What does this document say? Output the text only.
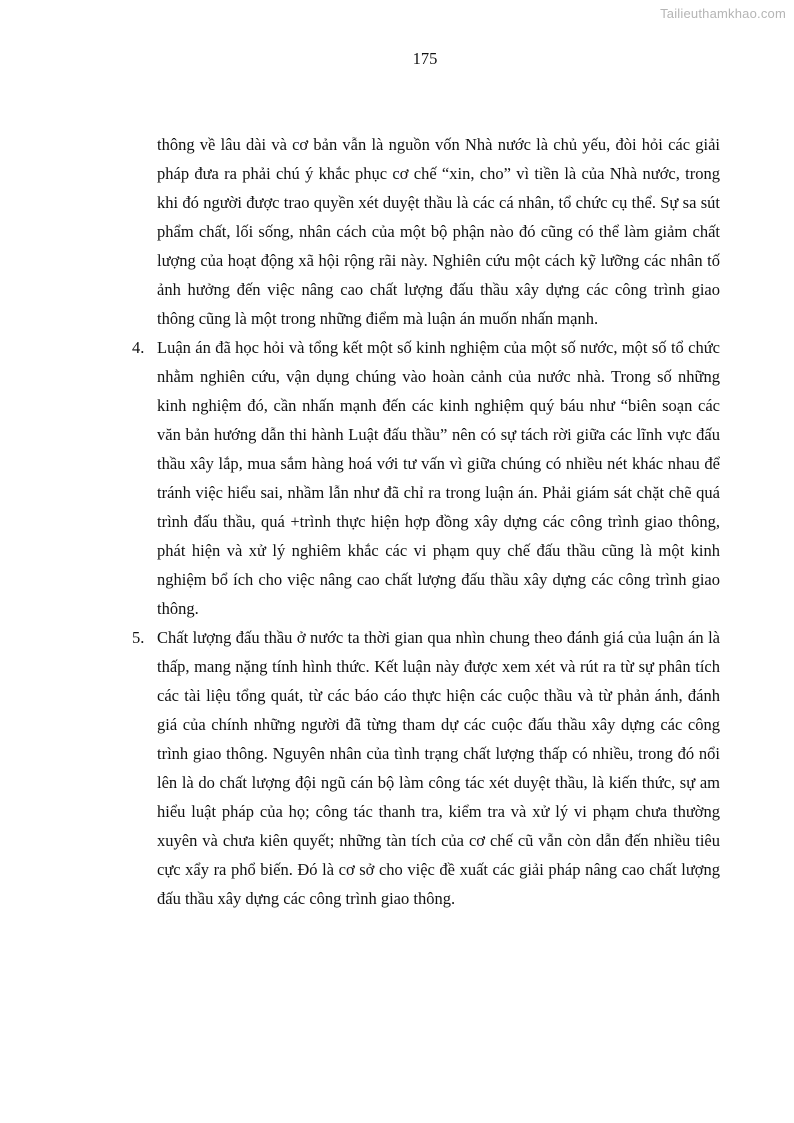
Tailieuthamkhao.com
175

thông về lâu dài và cơ bản vẫn là nguồn vốn Nhà nước là chủ yếu, đòi hỏi các giải pháp đưa ra phải chú ý khắc phục cơ chế “xin, cho” vì tiền là của Nhà nước, trong khi đó người được trao quyền xét duyệt thầu là các cá nhân, tổ chức cụ thể. Sự sa sút phẩm chất, lối sống, nhân cách của một bộ phận nào đó cũng có thể làm giảm chất lượng của hoạt động xã hội rộng rãi này. Nghiên cứu một cách kỹ lưỡng các nhân tố ảnh hưởng đến việc nâng cao chất lượng đấu thầu xây dựng các công trình giao thông cũng là một trong những điểm mà luận án muốn nhấn mạnh.

4. Luận án đã học hỏi và tổng kết một số kinh nghiệm của một số nước, một số tổ chức nhằm nghiên cứu, vận dụng chúng vào hoàn cảnh của nước nhà. Trong số những kinh nghiệm đó, cần nhấn mạnh đến các kinh nghiệm quý báu như “biên soạn các văn bản hướng dẫn thi hành Luật đấu thầu” nên có sự tách rời giữa các lĩnh vực đấu thầu xây lắp, mua sắm hàng hoá với tư vấn vì giữa chúng có nhiều nét khác nhau để tránh việc hiểu sai, nhầm lẫn như đã chỉ ra trong luận án. Phải giám sát chặt chẽ quá trình đấu thầu, quá +trình thực hiện hợp đồng xây dựng các công trình giao thông, phát hiện và xử lý nghiêm khắc các vi phạm quy chế đấu thầu cũng là một kinh nghiệm bổ ích cho việc nâng cao chất lượng đấu thầu xây dựng các công trình giao thông.
5. Chất lượng đấu thầu ở nước ta thời gian qua nhìn chung theo đánh giá của luận án là thấp, mang nặng tính hình thức. Kết luận này được xem xét và rút ra từ sự phân tích các tài liệu tổng quát, từ các báo cáo thực hiện các cuộc thầu và từ phản ánh, đánh giá của chính những người đã từng tham dự các cuộc đấu thầu xây dựng các công trình giao thông. Nguyên nhân của tình trạng chất lượng thấp có nhiều, trong đó nổi lên là do chất lượng đội ngũ cán bộ làm công tác xét duyệt thầu, là kiến thức, sự am hiểu luật pháp của họ; công tác thanh tra, kiểm tra và xử lý vi phạm chưa thường xuyên và chưa kiên quyết; những tàn tích của cơ chế cũ vẫn còn dẫn đến nhiều tiêu cực xẩy ra phổ biến. Đó là cơ sở cho việc đề xuất các giải pháp nâng cao chất lượng đấu thầu xây dựng các công trình giao thông.
